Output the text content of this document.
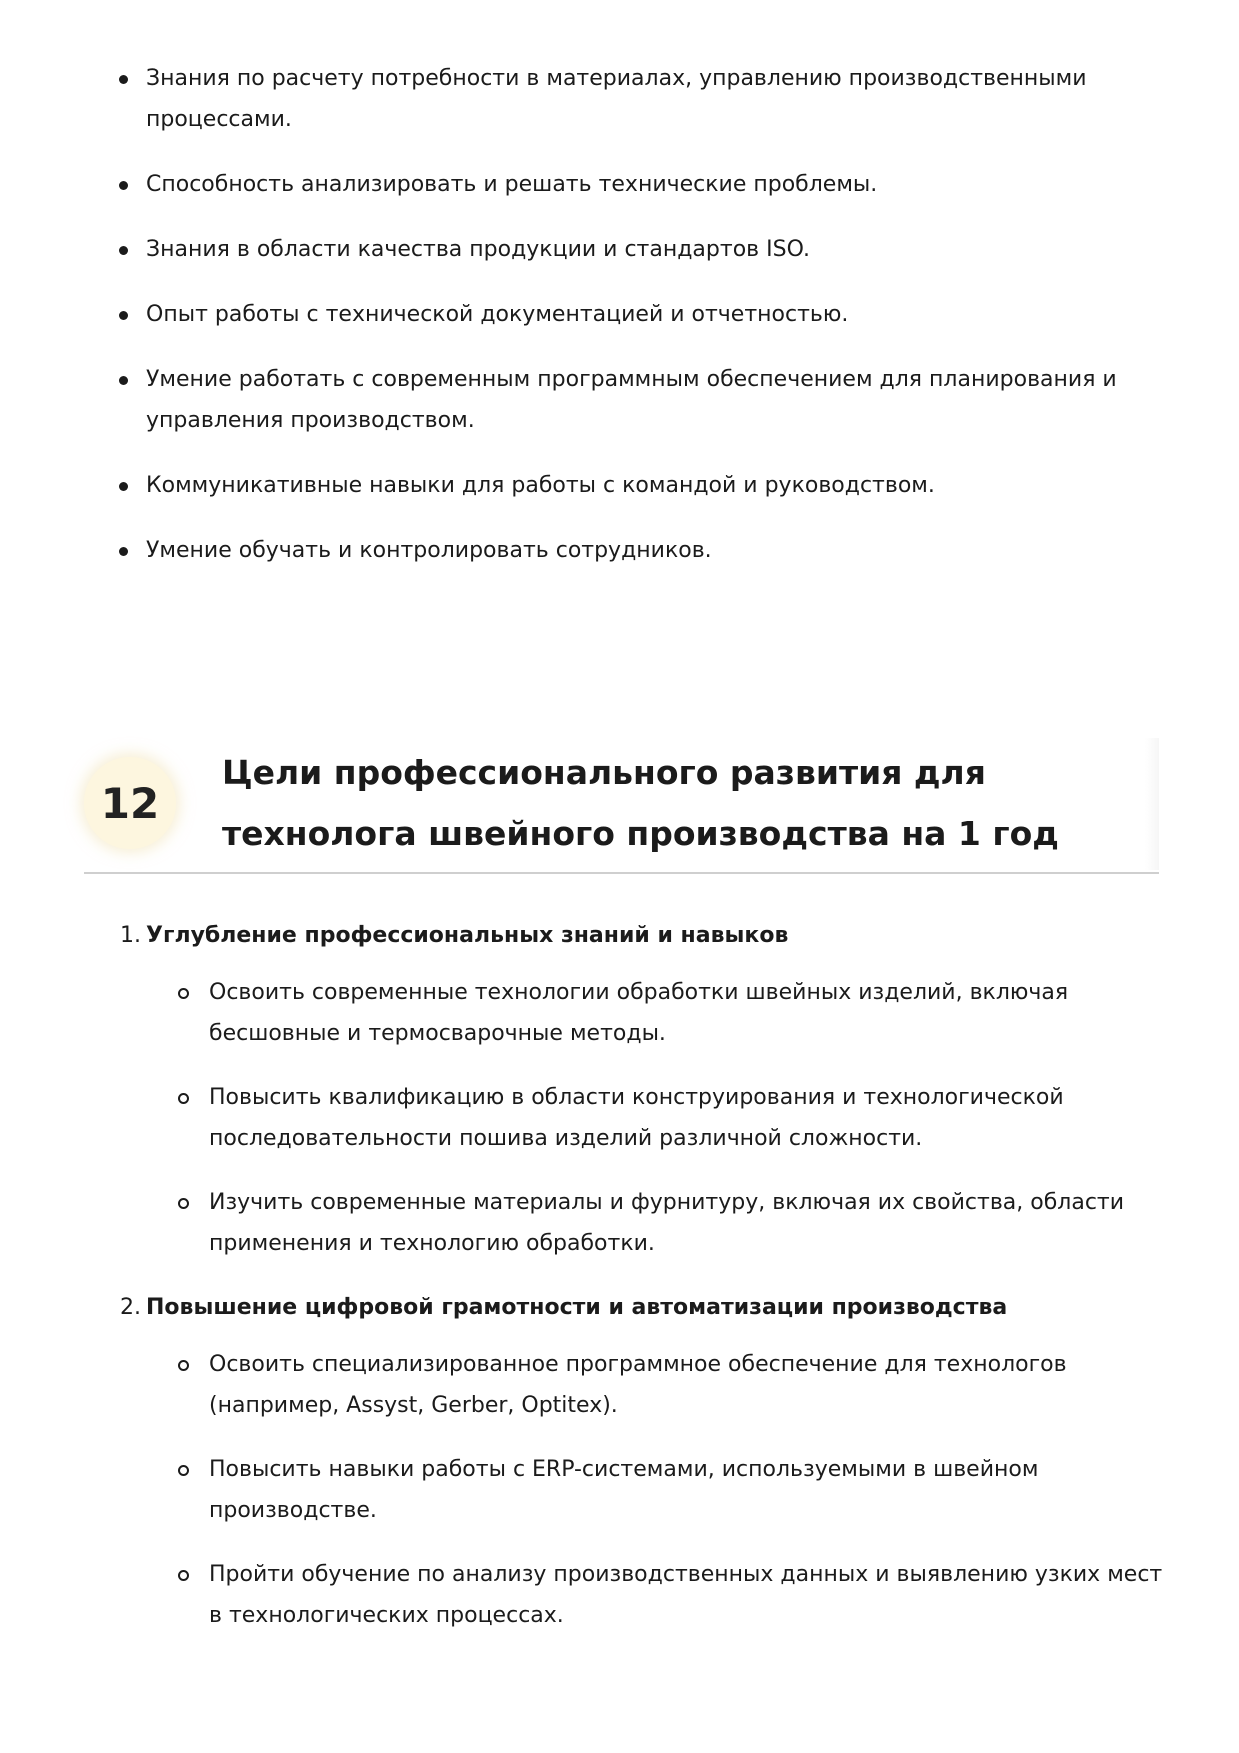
Знания по расчету потребности в материалах, управлению производственными процессами.
Способность анализировать и решать технические проблемы.
Знания в области качества продукции и стандартов ISO.
Опыт работы с технической документацией и отчетностью.
Умение работать с современным программным обеспечением для планирования и управления производством.
Коммуникативные навыки для работы с командой и руководством.
Умение обучать и контролировать сотрудников.
12
Цели профессионального развития для технолога швейного производства на 1 год
1. Углубление профессиональных знаний и навыков
Освоить современные технологии обработки швейных изделий, включая бесшовные и термосварочные методы.
Повысить квалификацию в области конструирования и технологической последовательности пошива изделий различной сложности.
Изучить современные материалы и фурнитуру, включая их свойства, области применения и технологию обработки.
2. Повышение цифровой грамотности и автоматизации производства
Освоить специализированное программное обеспечение для технологов (например, Assyst, Gerber, Optitex).
Повысить навыки работы с ERP-системами, используемыми в швейном производстве.
Пройти обучение по анализу производственных данных и выявлению узких мест в технологических процессах.
